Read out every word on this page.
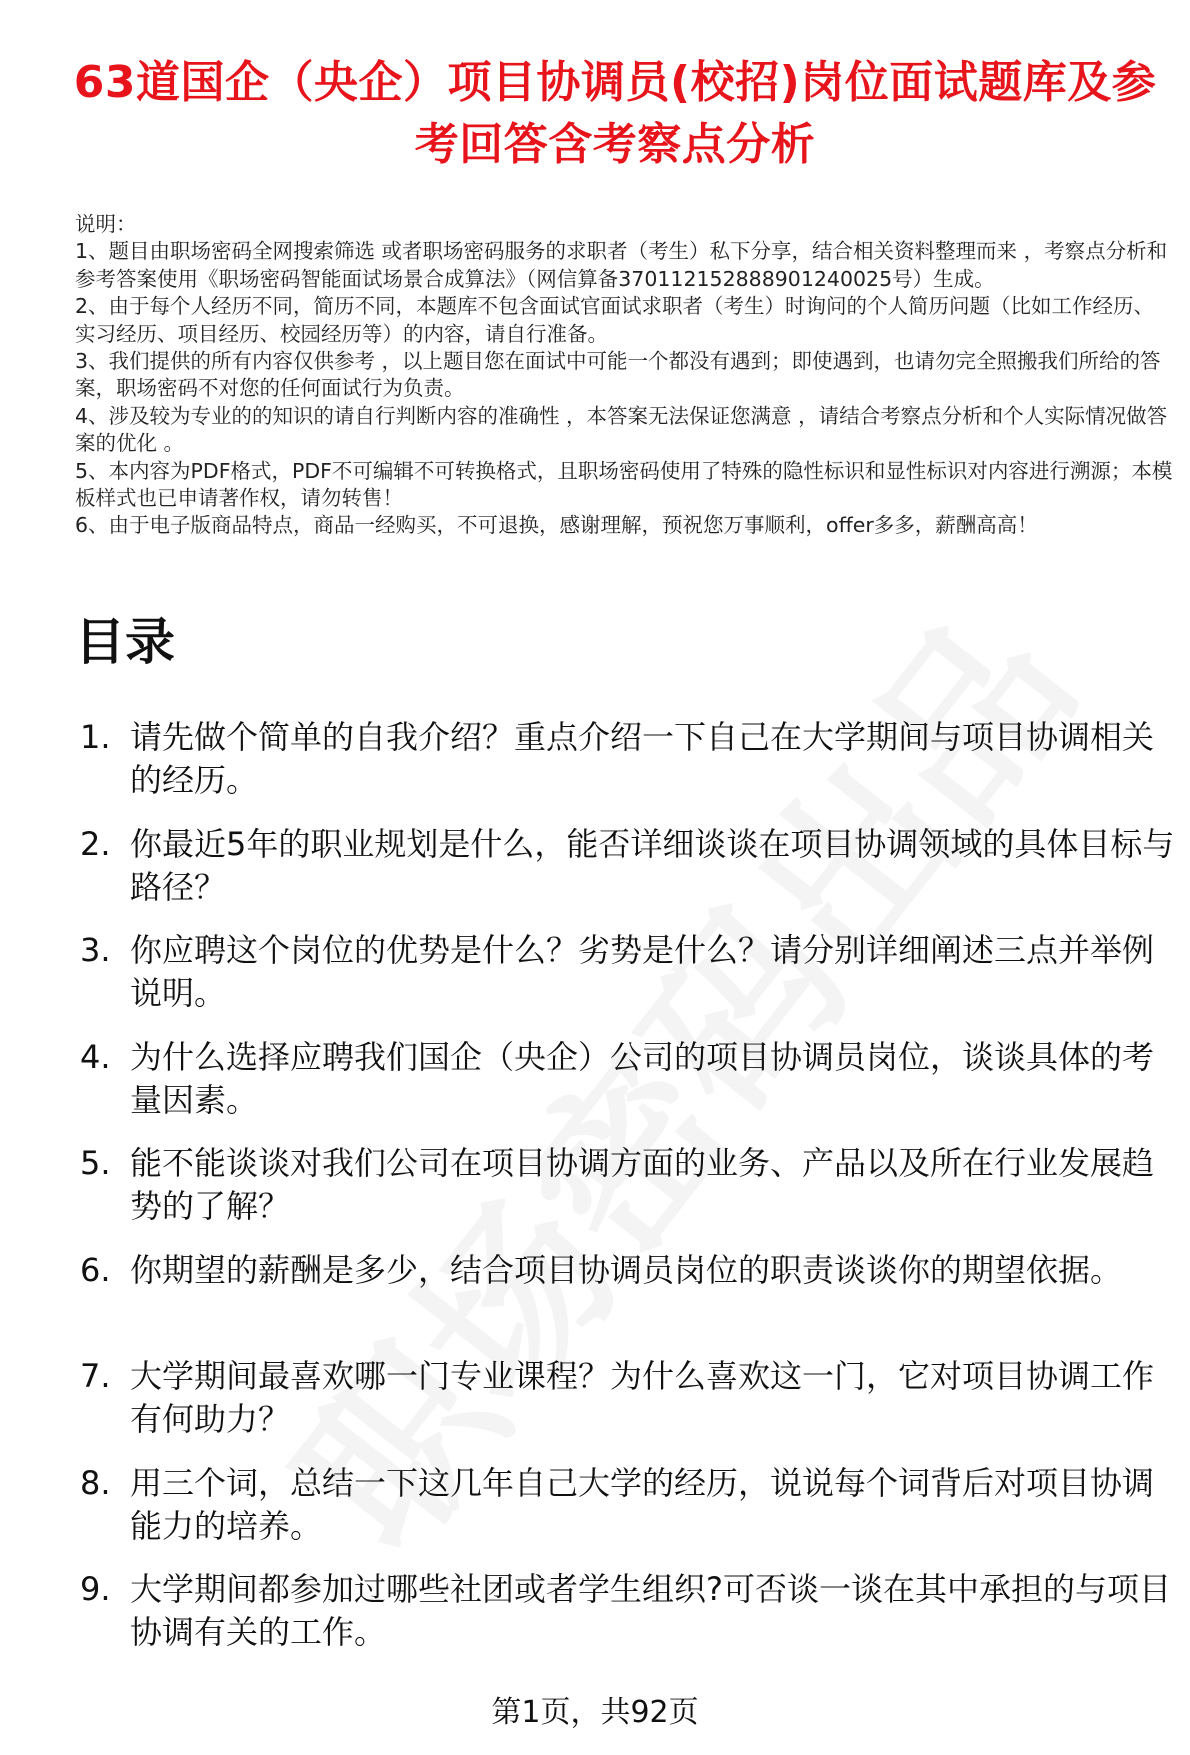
63道国企（央企）项目协调员(校招)岗位面试题库及参考回答含考察点分析

说明：

1、题目由职场密码全网搜索筛选 或者职场密码服务的求职者（考生）私下分享，结合相关资料整理而来 ，考察点分析和参考答案使用《职场密码智能面试场景合成算法》（网信算备370112152888901240025号）生成。

2、由于每个人经历不同，简历不同，本题库不包含面试官面试求职者（考生）时询问的个人简历问题（比如工作经历、实习经历、项目经历、校园经历等）的内容，请自行准备。

3、我们提供的所有内容仅供参考 ，以上题目您在面试中可能一个都没有遇到；即使遇到，也请勿完全照搬我们所给的答案，职场密码不对您的任何面试行为负责。

4、涉及较为专业的的知识的请自行判断内容的准确性 ，本答案无法保证您满意 ，请结合考察点分析和个人实际情况做答案的优化 。

5、本内容为PDF格式，PDF不可编辑不可转换格式，且职场密码使用了特殊的隐性标识和显性标识对内容进行溯源；本模板样式也已申请著作权，请勿转售！

6、由于电子版商品特点，商品一经购买，不可退换，感谢理解，预祝您万事顺利，offer多多，薪酬高高！

目录
1. 请先做个简单的自我介绍？重点介绍一下自己在大学期间与项目协调相关的经历。
2. 你最近5年的职业规划是什么，能否详细谈谈在项目协调领域的具体目标与路径？
3. 你应聘这个岗位的优势是什么？劣势是什么？请分别详细阐述三点并举例说明。
4. 为什么选择应聘我们国企（央企）公司的项目协调员岗位，谈谈具体的考量因素。
5. 能不能谈谈对我们公司在项目协调方面的业务、产品以及所在行业发展趋势的了解？
6. 你期望的薪酬是多少，结合项目协调员岗位的职责谈谈你的期望依据。
7. 大学期间最喜欢哪一门专业课程？为什么喜欢这一门，它对项目协调工作有何助力？
8. 用三个词，总结一下这几年自己大学的经历，说说每个词背后对项目协调能力的培养。
9. 大学期间都参加过哪些社团或者学生组织?可否谈一谈在其中承担的与项目协调有关的工作。
第1页，共92页
